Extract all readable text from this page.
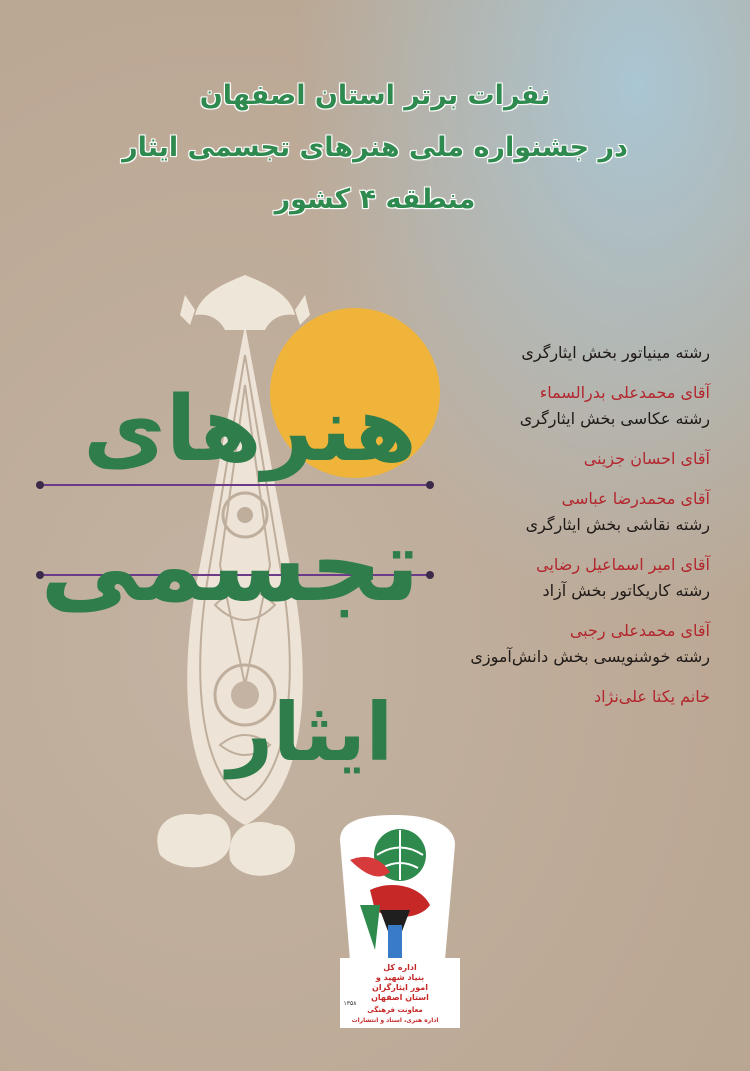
نفرات برتر استان اصفهان
در جشنواره ملی هنرهای تجسمی ایثار
منطقه ۴ کشور
هنرهای
تجسمی
ایثار
رشته مینیاتور بخش ایثارگری
آقای محمدعلی بدرالسماء
رشته عکاسی بخش ایثارگری
آقای احسان جزینی
آقای محمدرضا عباسی
رشته نقاشی بخش ایثارگری
آقای امیر اسماعیل رضایی
رشته کاریکاتور بخش آزاد
آقای محمدعلی رجبی
رشته خوشنویسی بخش دانش‌آموزی
خانم یکتا علی‌نژاد
اداره کل
بنیاد شهید و
امور ایثارگران
استان اصفهان
معاونت فرهنگی
اداره هنری، اسناد و انتشارات
۱۳۵۸
